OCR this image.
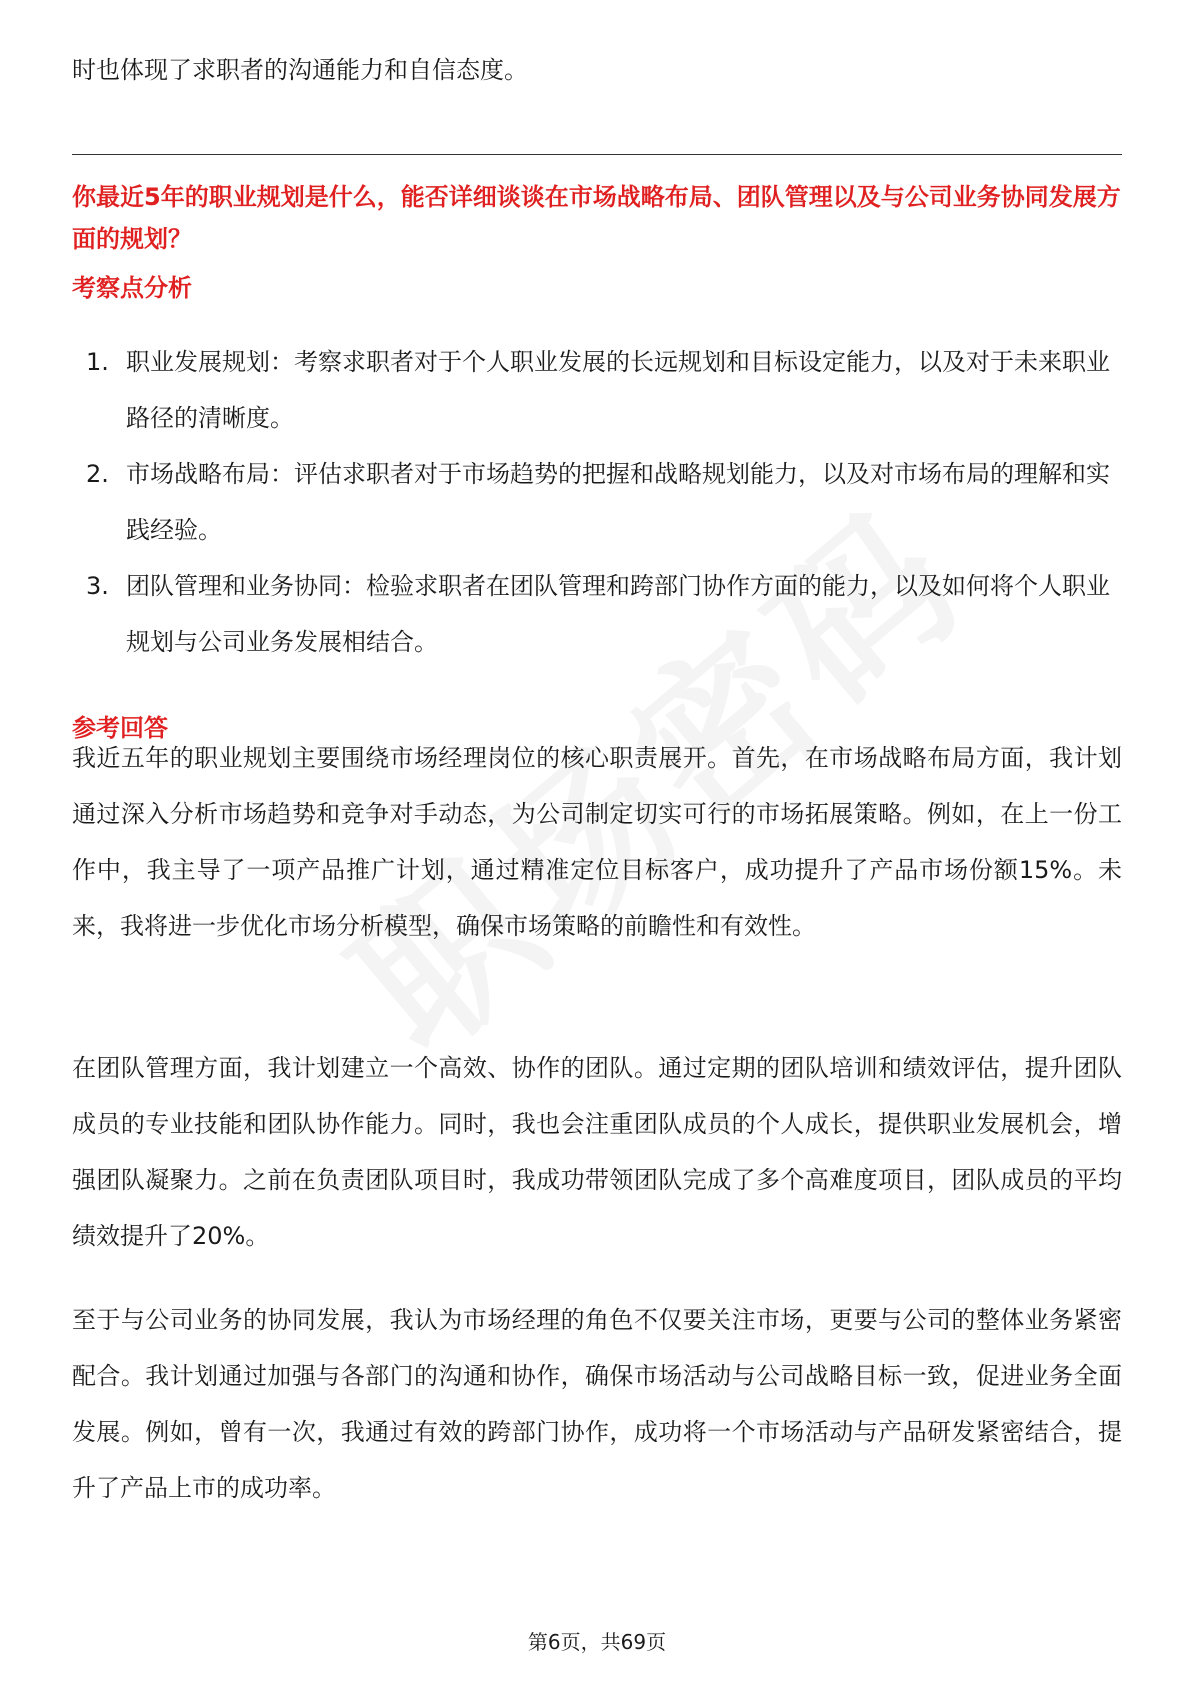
时也体现了求职者的沟通能力和自信态度。

你最近5年的职业规划是什么，能否详细谈谈在市场战略布局、团队管理以及与公司业务协同发展方面的规划？
考察点分析
1. 职业发展规划：考察求职者对于个人职业发展的长远规划和目标设定能力，以及对于未来职业路径的清晰度。
2. 市场战略布局：评估求职者对于市场趋势的把握和战略规划能力，以及对市场布局的理解和实践经验。
3. 团队管理和业务协同：检验求职者在团队管理和跨部门协作方面的能力，以及如何将个人职业规划与公司业务发展相结合。
参考回答

我近五年的职业规划主要围绕市场经理岗位的核心职责展开。首先，在市场战略布局方面，我计划通过深入分析市场趋势和竞争对手动态，为公司制定切实可行的市场拓展策略。例如，在上一份工作中，我主导了一项产品推广计划，通过精准定位目标客户，成功提升了产品市场份额15%。未来，我将进一步优化市场分析模型，确保市场策略的前瞻性和有效性。

在团队管理方面，我计划建立一个高效、协作的团队。通过定期的团队培训和绩效评估，提升团队成员的专业技能和团队协作能力。同时，我也会注重团队成员的个人成长，提供职业发展机会，增强团队凝聚力。之前在负责团队项目时，我成功带领团队完成了多个高难度项目，团队成员的平均绩效提升了20%。

至于与公司业务的协同发展，我认为市场经理的角色不仅要关注市场，更要与公司的整体业务紧密配合。我计划通过加强与各部门的沟通和协作，确保市场活动与公司战略目标一致，促进业务全面发展。例如，曾有一次，我通过有效的跨部门协作，成功将一个市场活动与产品研发紧密结合，提升了产品上市的成功率。

第6页，共69页
